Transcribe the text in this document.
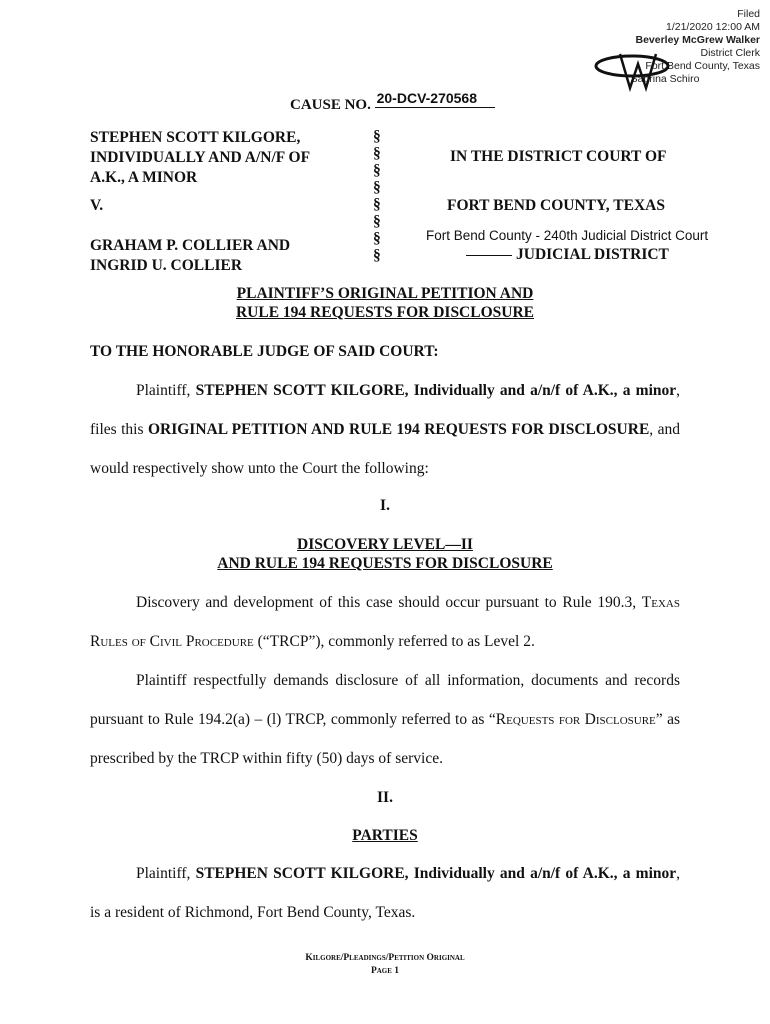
Filed
1/21/2020 12:00 AM
Beverley McGrew Walker
District Clerk
Fort Bend County, Texas
Sabrina Schiro
CAUSE NO. 20-DCV-270568
STEPHEN SCOTT KILGORE,
INDIVIDUALLY AND A/N/F OF
A.K., A MINOR
V.
GRAHAM P. COLLIER AND
INGRID U. COLLIER
§
§
§
§
§
§
§
§
IN THE DISTRICT COURT OF
FORT BEND COUNTY, TEXAS
Fort Bend County - 240th Judicial District Court
JUDICIAL DISTRICT
PLAINTIFF’S ORIGINAL PETITION AND
RULE 194 REQUESTS FOR DISCLOSURE
TO THE HONORABLE JUDGE OF SAID COURT:
Plaintiff, STEPHEN SCOTT KILGORE, Individually and a/n/f of A.K., a minor, files this ORIGINAL PETITION AND RULE 194 REQUESTS FOR DISCLOSURE, and would respectively show unto the Court the following:
I.
DISCOVERY LEVEL—II
AND RULE 194 REQUESTS FOR DISCLOSURE
Discovery and development of this case should occur pursuant to Rule 190.3, Texas Rules of Civil Procedure (“TRCP”), commonly referred to as Level 2.
Plaintiff respectfully demands disclosure of all information, documents and records pursuant to Rule 194.2(a) – (l) TRCP, commonly referred to as “Requests for Disclosure” as prescribed by the TRCP within fifty (50) days of service.
II.
PARTIES
Plaintiff, STEPHEN SCOTT KILGORE, Individually and a/n/f of A.K., a minor, is a resident of Richmond, Fort Bend County, Texas.
Kilgore/Pleadings/Petition Original
Page 1
